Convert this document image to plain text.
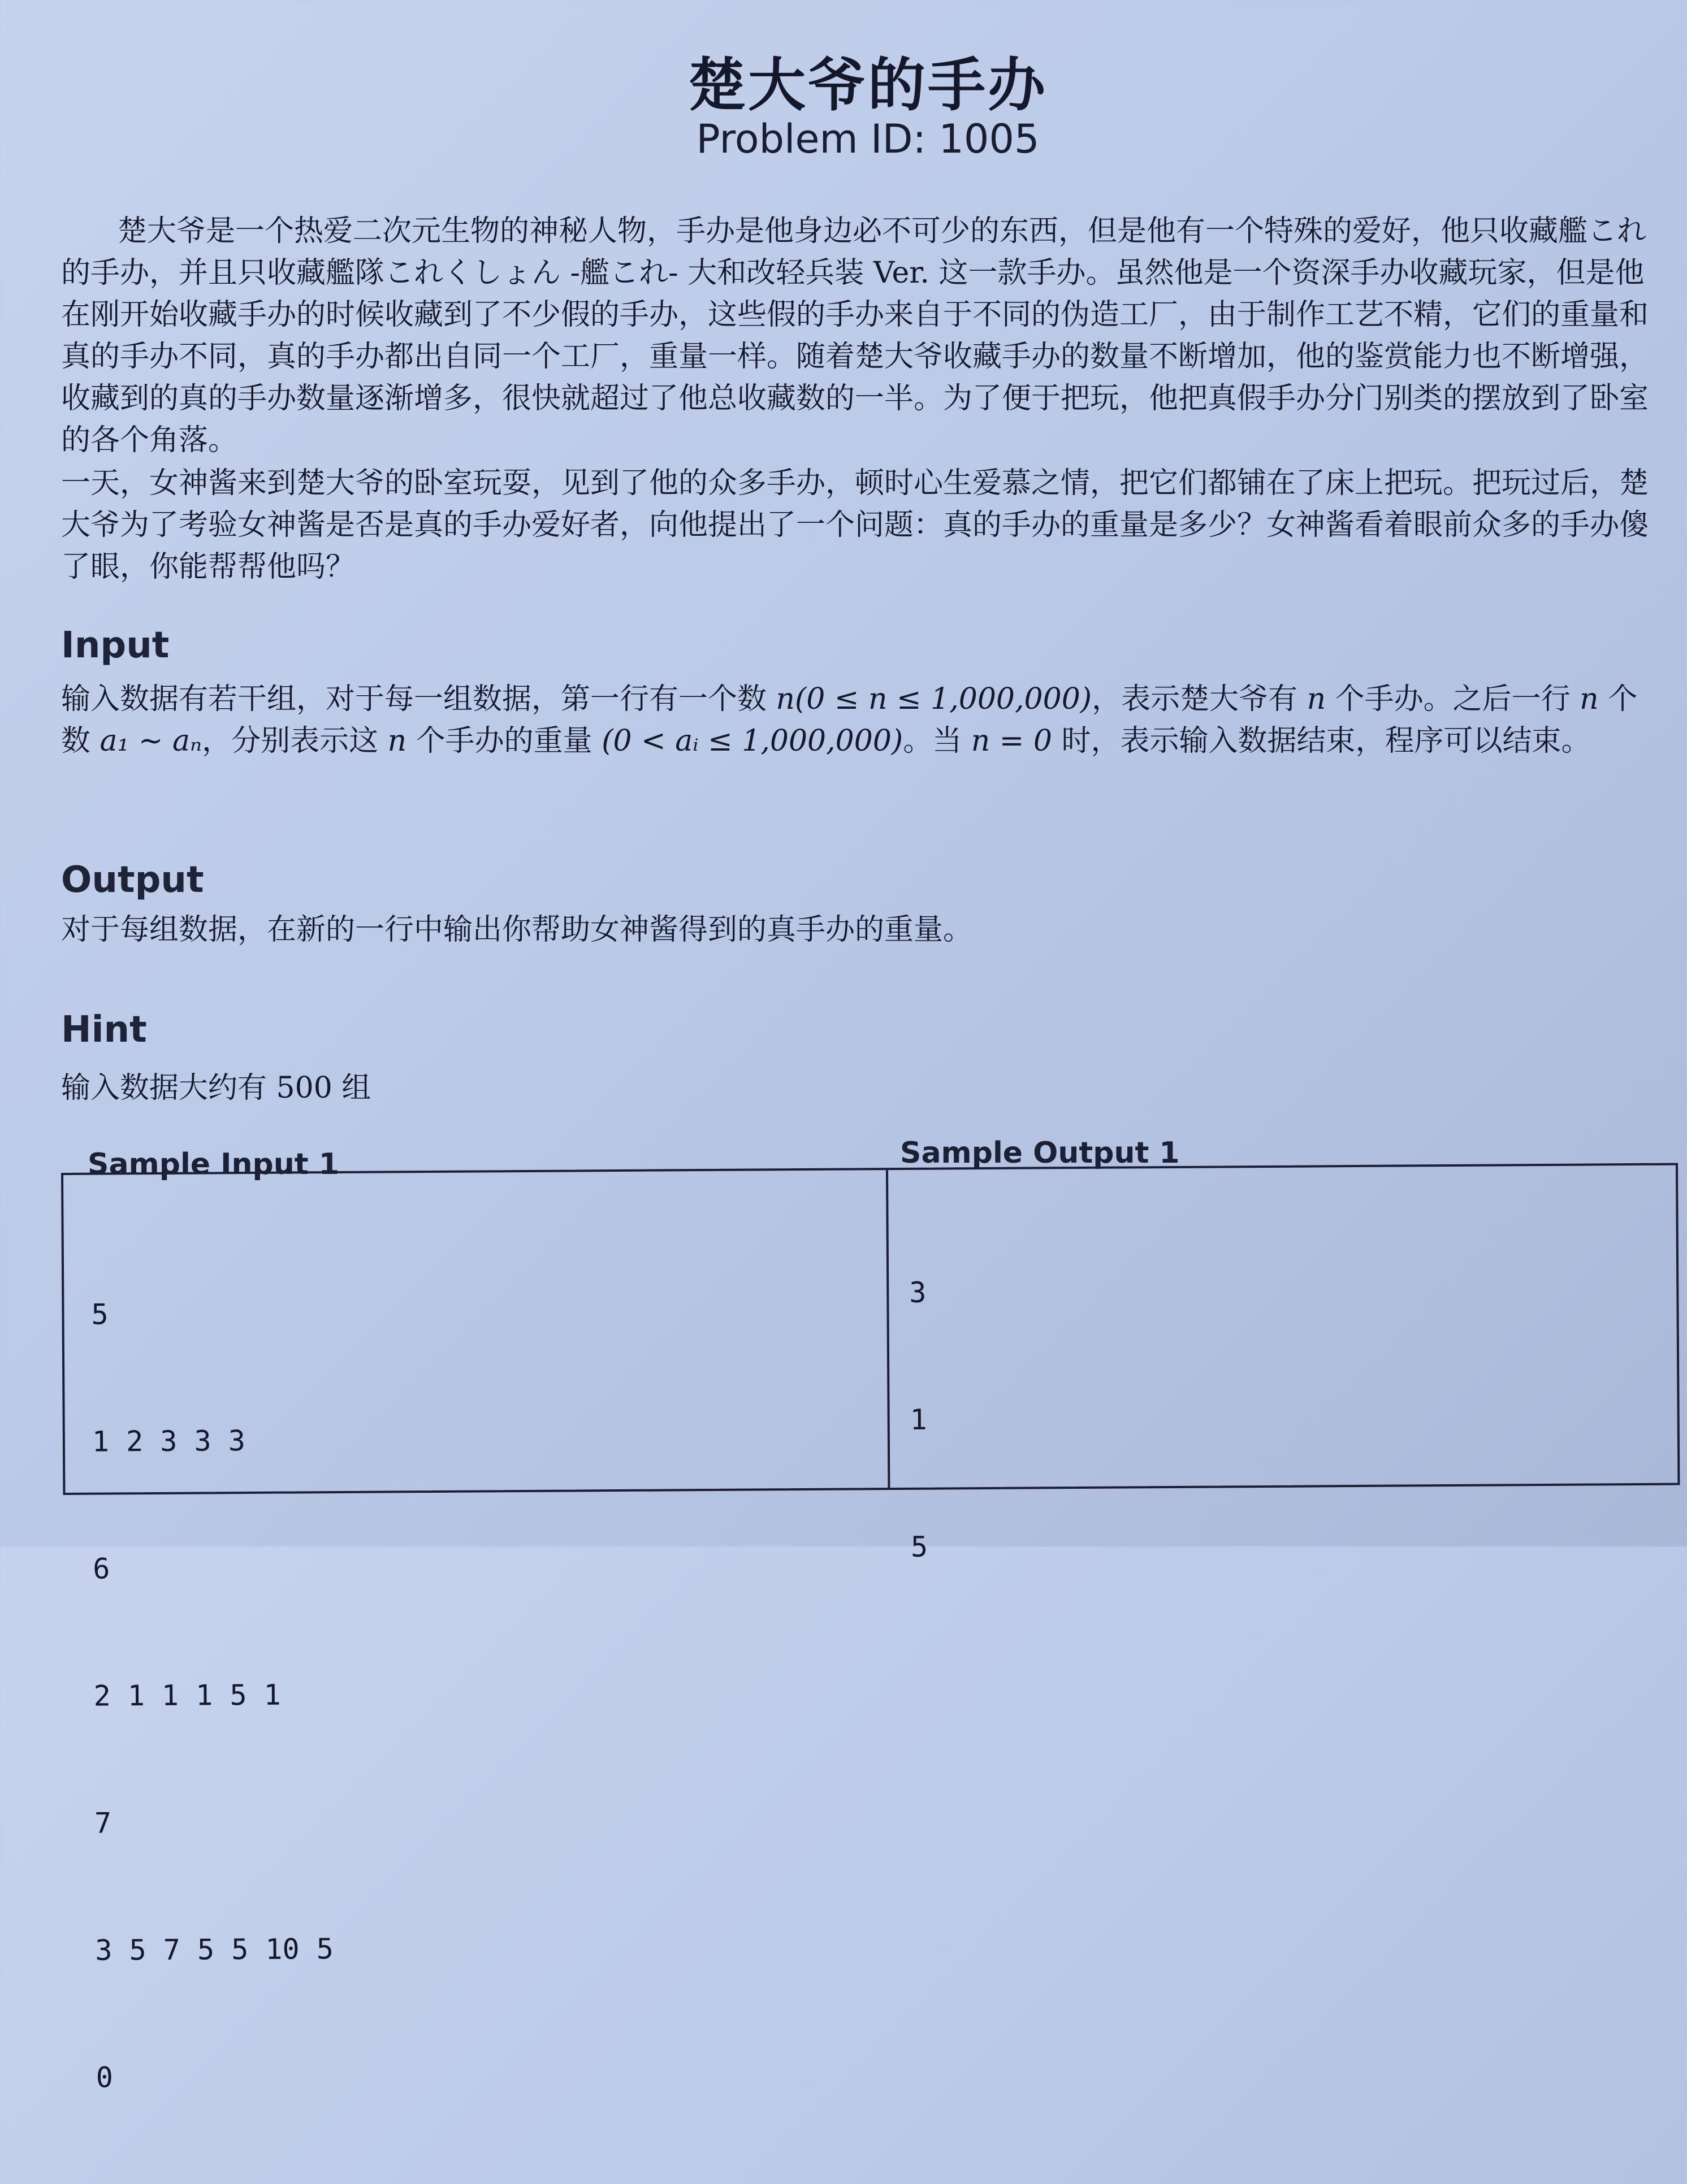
楚大爷的手办
Problem ID: 1005
楚大爷是一个热爱二次元生物的神秘人物，手办是他身边必不可少的东西，但是他有一个特殊的爱好，他只收藏艦これ的手办，并且只收藏艦隊これくしょん -艦これ- 大和改轻兵装 Ver. 这一款手办。虽然他是一个资深手办收藏玩家，但是他在刚开始收藏手办的时候收藏到了不少假的手办，这些假的手办来自于不同的伪造工厂，由于制作工艺不精，它们的重量和真的手办不同，真的手办都出自同一个工厂，重量一样。随着楚大爷收藏手办的数量不断增加，他的鉴赏能力也不断增强，收藏到的真的手办数量逐渐增多，很快就超过了他总收藏数的一半。为了便于把玩，他把真假手办分门别类的摆放到了卧室的各个角落。
一天，女神酱来到楚大爷的卧室玩耍，见到了他的众多手办，顿时心生爱慕之情，把它们都铺在了床上把玩。把玩过后，楚大爷为了考验女神酱是否是真的手办爱好者，向他提出了一个问题：真的手办的重量是多少？女神酱看着眼前众多的手办傻了眼，你能帮帮他吗？
Input
输入数据有若干组，对于每一组数据，第一行有一个数 n(0 ≤ n ≤ 1,000,000)，表示楚大爷有 n 个手办。之后一行 n 个数 a₁ ~ aₙ，分别表示这 n 个手办的重量 (0 < aᵢ ≤ 1,000,000)。当 n = 0 时，表示输入数据结束，程序可以结束。
Output
对于每组数据，在新的一行中输出你帮助女神酱得到的真手办的重量。
Hint
输入数据大约有 500 组
Sample Input 1	Sample Output 1

5

1 2 3 3 3

6

2 1 1 1 5 1

7

3 5 7 5 5 10 5

0

3

1

5
